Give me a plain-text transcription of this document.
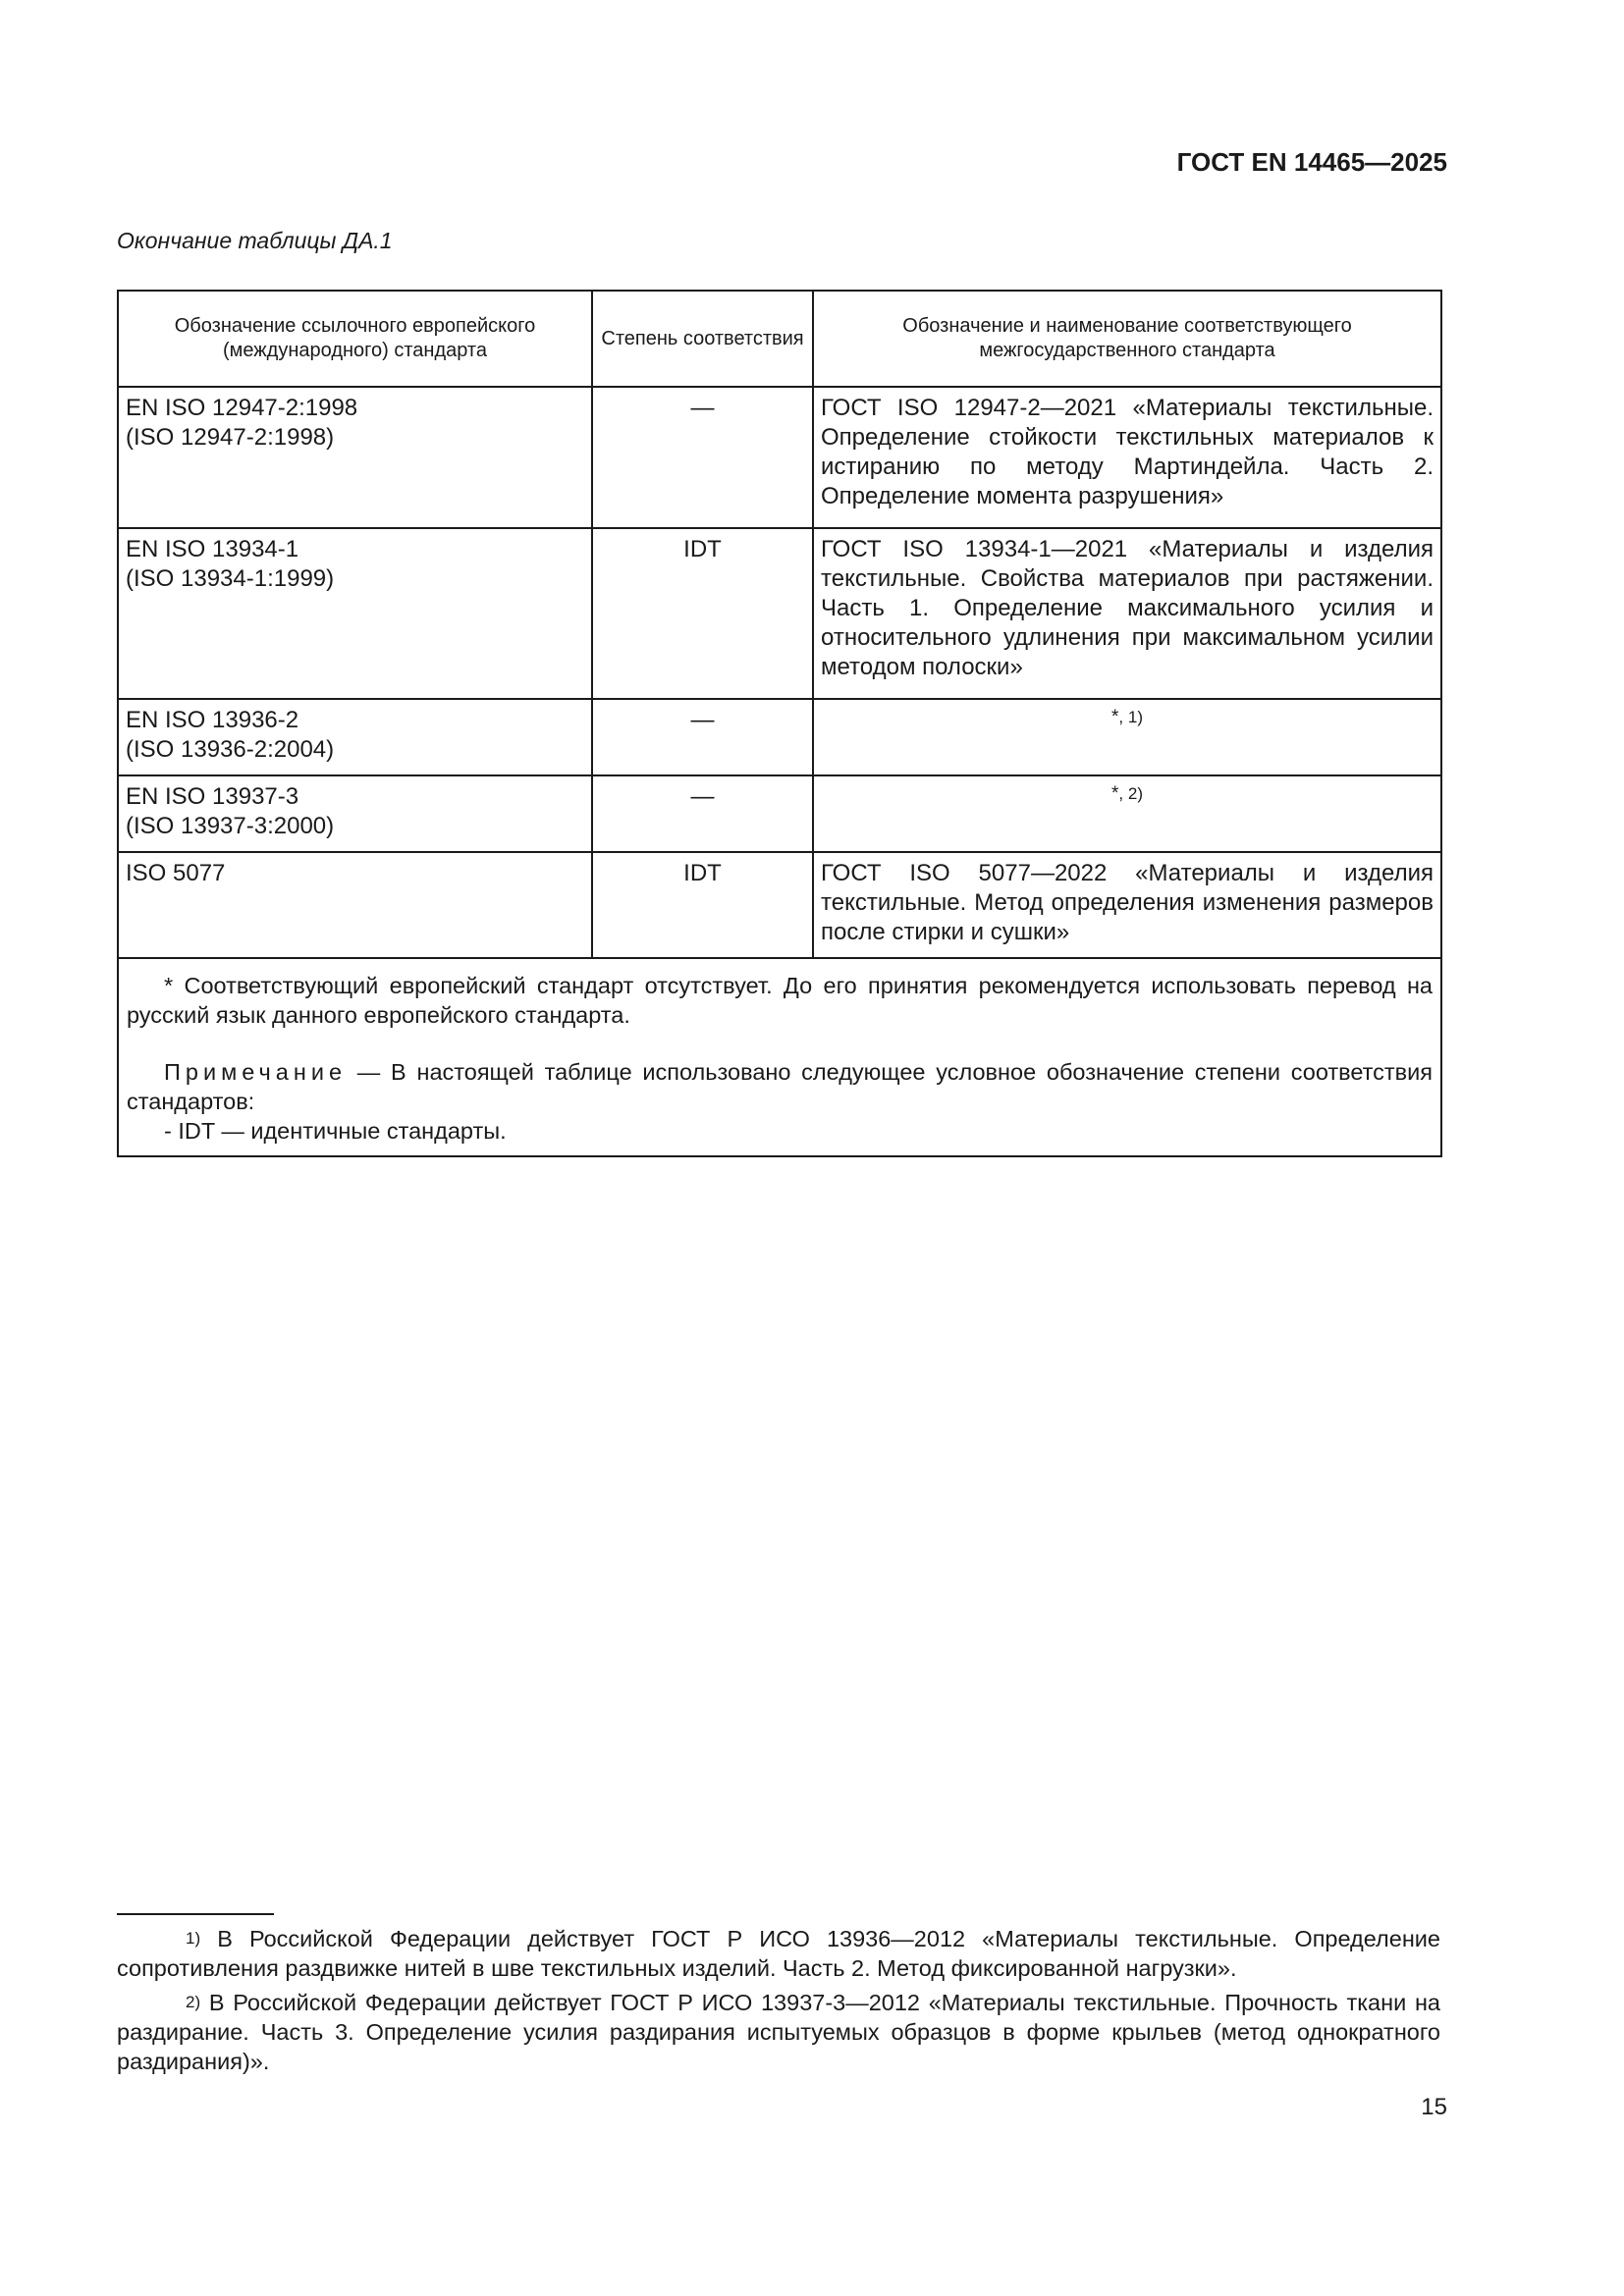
ГОСТ EN 14465—2025
Окончание таблицы ДА.1
Обозначение ссылочного европейского (международного) стандарта	Степень соответствия	Обозначение и наименование соответствующего межгосударственного стандарта

EN ISO 12947-2:1998
(ISO 12947-2:1998)	—	ГОСТ ISO 12947-2—2021 «Материалы текстильные. Определение стойкости текстильных материалов к истиранию по методу Мартиндейла. Часть 2. Определение момента разрушения»

EN ISO 13934-1
(ISO 13934-1:1999)	IDT	ГОСТ ISO 13934-1—2021 «Материалы и изделия текстильные. Свойства материалов при растяжении. Часть 1. Определение максимального усилия и относительного удлинения при максимальном усилии методом полоски»

EN ISO 13936-2
(ISO 13936-2:2004)	—	*$^{, 1)}$

EN ISO 13937-3
(ISO 13937-3:2000)	—	*$^{, 2)}$

ISO 5077	IDT	ГОСТ ISO 5077—2022 «Материалы и изделия текстильные. Метод определения изменения размеров после стирки и сушки»

* Соответствующий европейский стандарт отсутствует. До его принятия рекомендуется использовать перевод на русский язык данного европейского стандарта.

Примечание — В настоящей таблице использовано следующее условное обозначение степени соответствия стандартов:

- IDT — идентичные стандарты.		

$^{1)}$ В Российской Федерации действует ГОСТ Р ИСО 13936—2012 «Материалы текстильные. Определение сопротивления раздвижке нитей в шве текстильных изделий. Часть 2. Метод фиксированной нагрузки».
$^{2)}$ В Российской Федерации действует ГОСТ Р ИСО 13937-3—2012 «Материалы текстильные. Прочность ткани на раздирание. Часть 3. Определение усилия раздирания испытуемых образцов в форме крыльев (метод однократного раздирания)».
15
